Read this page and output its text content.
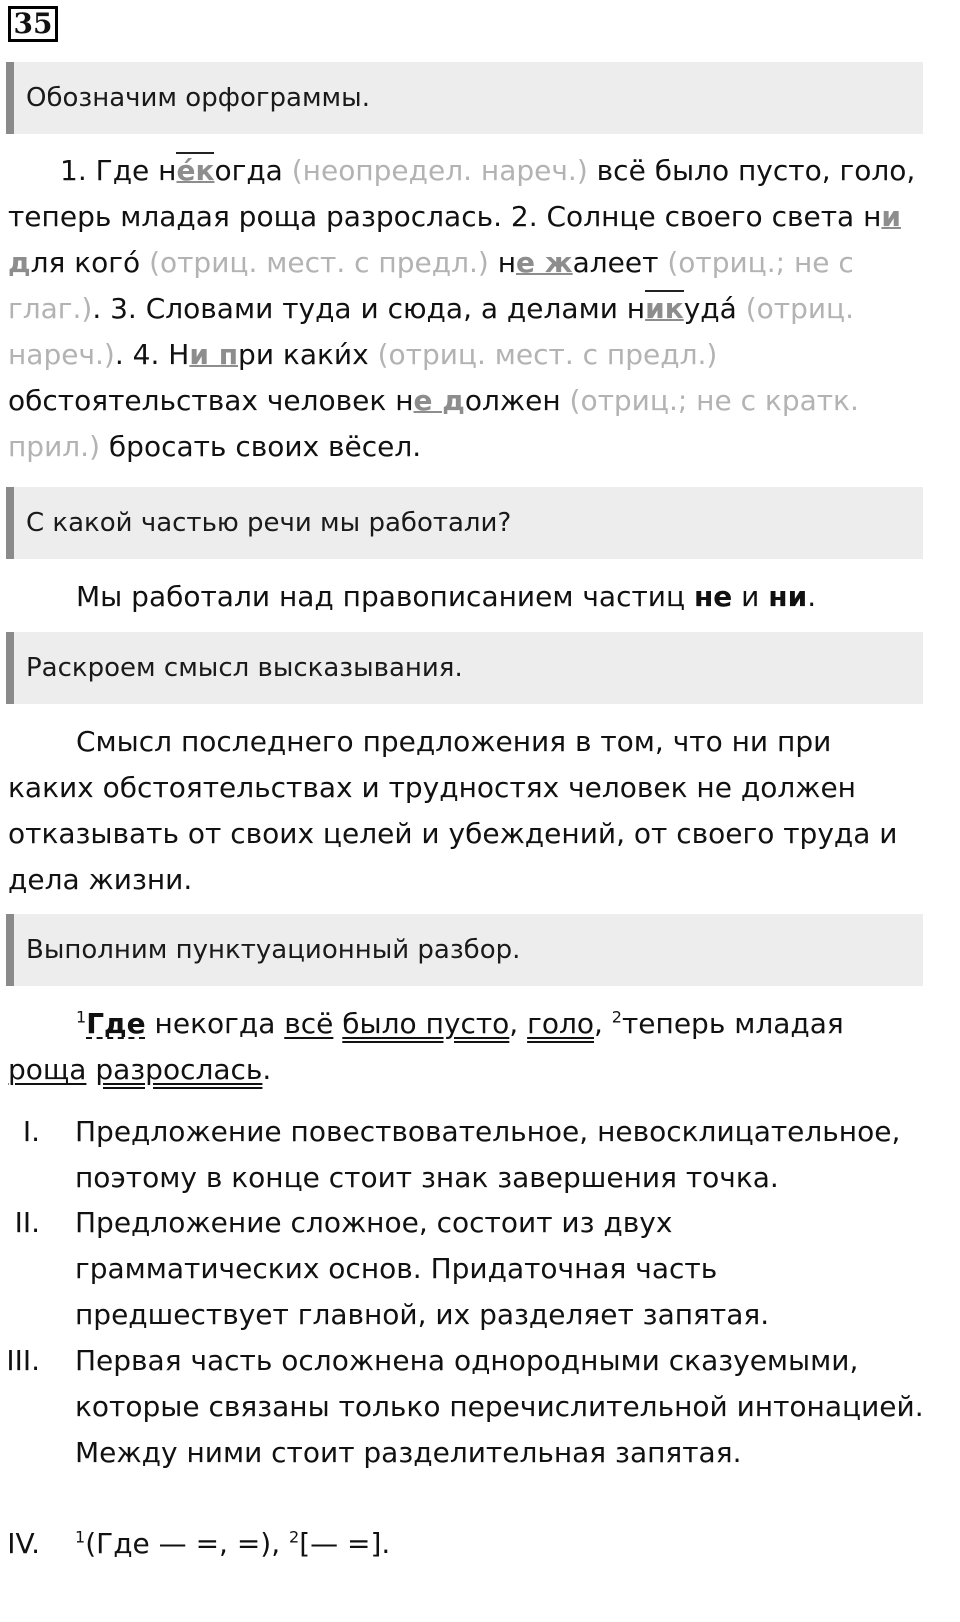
35
Обозначим орфограммы.
1. Где не́когда (неопредел. нареч.) всё было пусто, голо, теперь младая роща разрослась. 2. Солнце своего света ни для кого́ (отриц. мест. с предл.) не жалеет (отриц.; не с глаг.). 3. Словами туда и сюда, а делами никуда́ (отриц. нареч.). 4. Ни при каки́х (отриц. мест. с предл.) обстоятельствах человек не должен (отриц.; не с кратк. прил.) бросать своих вёсел.
С какой частью речи мы работали?
Мы работали над правописанием частиц не и ни.
Раскроем смысл высказывания.
Смысл последнего предложения в том, что ни при каких обстоятельствах и трудностях человек не должен отказывать от своих целей и убеждений, от своего труда и дела жизни.
Выполним пунктуационный разбор.
$^1$Где некогда всё было пусто, голо, $^2$теперь младая роща разрослась.
I. Предложение повествовательное, невосклицательное, поэтому в конце стоит знак завершения точка.
II. Предложение сложное, состоит из двух грамматических основ. Придаточная часть предшествует главной, их разделяет запятая.
III. Первая часть осложнена однородными сказуемыми, которые связаны только перечислительной интонацией. Между ними стоит разделительная запятая.
IV. $^1$(Где — =, =), $^2$[— =].
